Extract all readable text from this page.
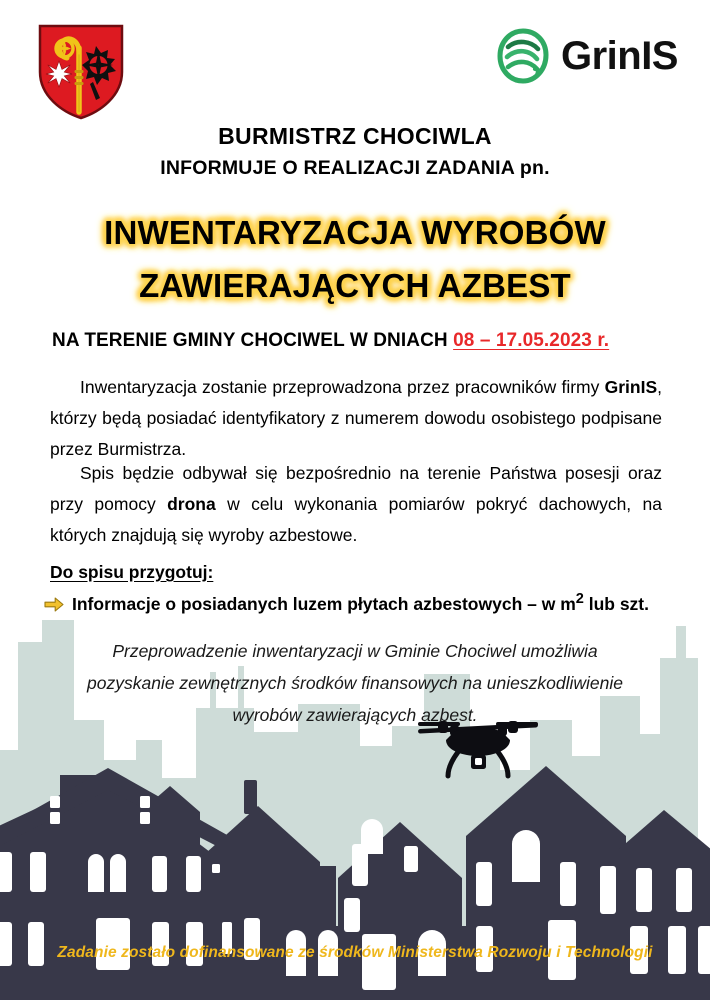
GrinIS
BURMISTRZ CHOCIWLA
INFORMUJE O REALIZACJI ZADANIA pn.
INWENTARYZACJA WYROBÓW
ZAWIERAJĄCYCH AZBEST
NA TERENIE GMINY CHOCIWEL W DNIACH 08 – 17.05.2023 r.
Inwentaryzacja zostanie przeprowadzona przez pracowników firmy GrinIS, którzy będą posiadać identyfikatory z numerem dowodu osobistego podpisane przez Burmistrza.
Spis będzie odbywał się bezpośrednio na terenie Państwa posesji oraz przy pomocy drona w celu wykonania pomiarów pokryć dachowych, na których znajdują się wyroby azbestowe.
Do spisu przygotuj:
Informacje o posiadanych luzem płytach azbestowych – w $m^2$ lub szt.
Przeprowadzenie inwentaryzacji w Gminie Chociwel umożliwia
pozyskanie zewnętrznych środków finansowych na unieszkodliwienie
wyrobów zawierających azbest.
Zadanie zostało dofinansowane ze środków Ministerstwa Rozwoju i Technologii
